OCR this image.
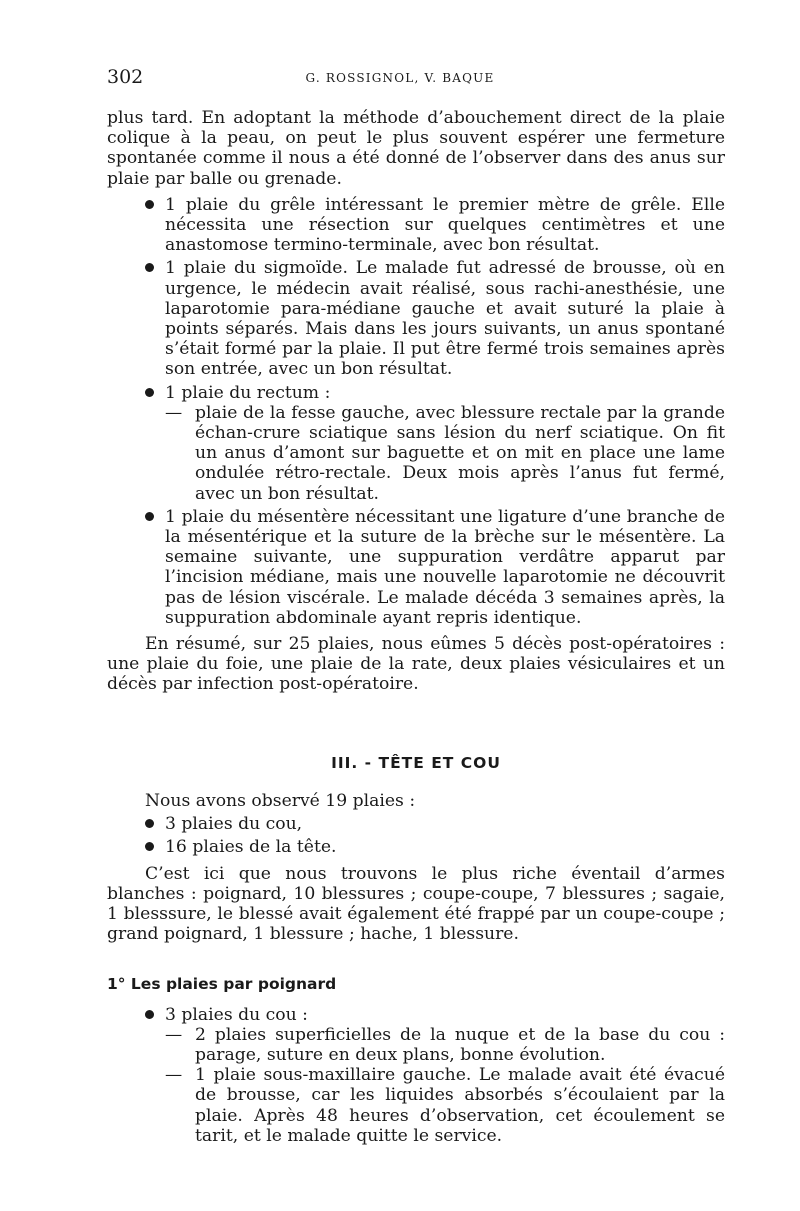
302	G. ROSSIGNOL, V. BAQUE

plus tard. En adoptant la méthode d’abouchement direct de la plaie colique à la peau, on peut le plus souvent espérer une fermeture spontanée comme il nous a été donné de l’observer dans des anus sur plaie par balle ou grenade.

1 plaie du grêle intéressant le premier mètre de grêle. Elle nécessita une résection sur quelques centimètres et une anastomose termino-terminale, avec bon résultat.

1 plaie du sigmoïde. Le malade fut adressé de brousse, où en urgence, le médecin avait réalisé, sous rachi-anesthésie, une laparotomie para-médiane gauche et avait suturé la plaie à points séparés. Mais dans les jours suivants, un anus spontané s’était formé par la plaie. Il put être fermé trois semaines après son entrée, avec un bon résultat.

1 plaie du rectum :

— plaie de la fesse gauche, avec blessure rectale par la grande échan-crure sciatique sans lésion du nerf sciatique. On fit un anus d’amont sur baguette et on mit en place une lame ondulée rétro-rectale. Deux mois après l’anus fut fermé, avec un bon résultat.

1 plaie du mésentère nécessitant une ligature d’une branche de la mésentérique et la suture de la brèche sur le mésentère. La semaine suivante, une suppuration verdâtre apparut par l’incision médiane, mais une nouvelle laparotomie ne découvrit pas de lésion viscérale. Le malade décéda 3 semaines après, la suppuration abdominale ayant repris identique.

En résumé, sur 25 plaies, nous eûmes 5 décès post-opératoires : une plaie du foie, une plaie de la rate, deux plaies vésiculaires et un décès par infection post-opératoire.

III. - TÊTE ET COU

Nous avons observé 19 plaies :

3 plaies du cou,

16 plaies de la tête.

C’est ici que nous trouvons le plus riche éventail d’armes blanches : poignard, 10 blessures ; coupe-coupe, 7 blessures ; sagaie, 1 blesssure, le blessé avait également été frappé par un coupe-coupe ; grand poignard, 1 blessure ; hache, 1 blessure.

1° Les plaies par poignard

3 plaies du cou :

— 2 plaies superficielles de la nuque et de la base du cou : parage, suture en deux plans, bonne évolution.

— 1 plaie sous-maxillaire gauche. Le malade avait été évacué de brousse, car les liquides absorbés s’écoulaient par la plaie. Après 48 heures d’observation, cet écoulement se tarit, et le malade quitte le service.
